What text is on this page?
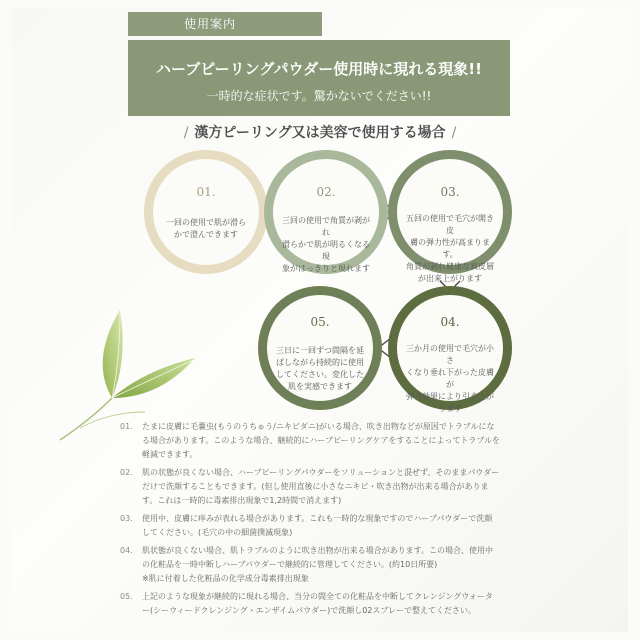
使用案内
ハーブピーリングパウダー使用時に現れる現象!!
一時的な症状です。驚かないでください!!
/ 漢方ピーリング又は美容で使用する場合 /
01.
一回の使用で肌が滑ら
かで澄んできます
02.
三回の使用で角質が剥がれ
滑らかで肌が明るくなる現
象がはっきりと現れます
03.
五回の使用で毛穴が開き皮
膚の弾力性が高まります。
角質が剥れ健康な真皮層
が出来上がります
05.
三日に一回ずつ間隔を延
ばしながら持続的に使用
してください。変化した
肌を実感できます
04.
三か月の使用で毛穴が小さ
くなり垂れ下がった皮膚が
弾力効果により引き上が
ります
01. たまに皮膚に毛嚢虫(もうのうちゅう/ニキビダニ)がいる場合、吹き出物などが原因でトラブルになる場合があります。このような場合、継続的にハーブピーリングケアをすることによってトラブルを軽減できます。
02. 肌の状態が良くない場合、ハーブピーリングパウダーをソリューションと混ぜず、そのままパウダーだけで洗顔することもできます。(但し使用直後に小さなニキビ・吹き出物が出来る場合があります。これは一時的に毒素排出現象で1,2時間で消えます)
03. 使用中、皮膚に痒みが表れる場合があります。これも一時的な現象ですのでハーブパウダーで洗顔してください。(毛穴の中の細菌撲滅現象)
04. 肌状態が良くない場合、肌トラブルのように吹き出物が出来る場合があります。この場合、使用中の化粧品を一時中断しハーブパウダーで継続的に管理してください。(約10日所要)
※肌に付着した化粧品の化学成分毒素排出現象
05. 上記のような現象が継続的に現れる場合、当分の間全ての化粧品を中断してクレンジングウォーター(シーウィードクレンジング・エンザイムパウダー)で洗顔し02スプレーで整えてください。
